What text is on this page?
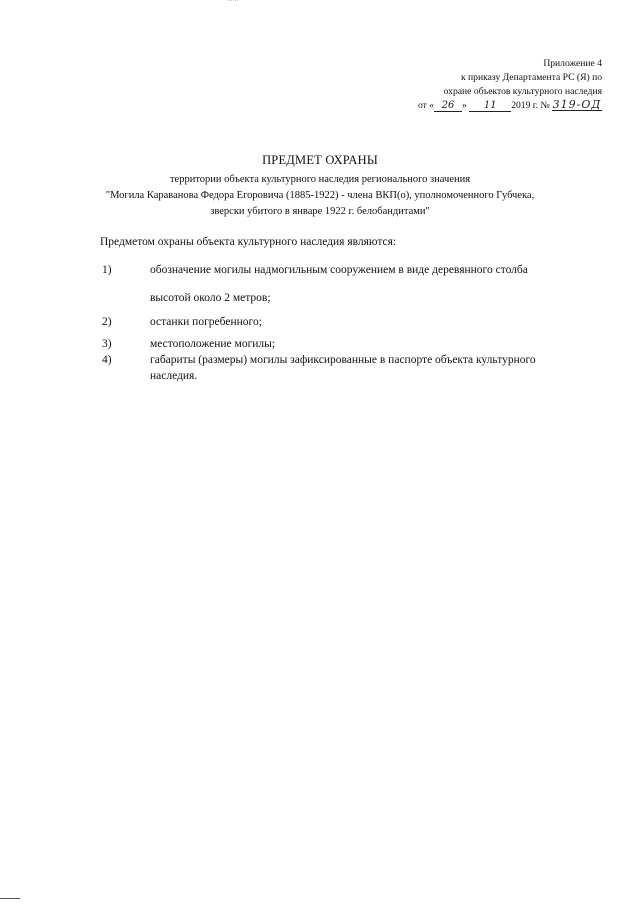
Приложение 4
к приказу Департамента РС (Я) по
охране объектов культурного наследия
от « 26 » 11 2019 г. № 319-ОД
ПРЕДМЕТ ОХРАНЫ
территории объекта культурного наследия регионального значения
"Могила Караванова Федора Егоровича (1885-1922) - члена ВКП(о), уполномоченного Губчека,
зверски убитого в январе 1922 г. белобандитами"
Предметом охраны объекта культурного наследия являются:
1)	обозначение могилы надмогильным сооружением в виде деревянного столба
высотой около 2 метров;
2)	останки погребенного;
3)	местоположение могилы;
4)	габариты (размеры) могилы зафиксированные в паспорте объекта культурного
наследия.
